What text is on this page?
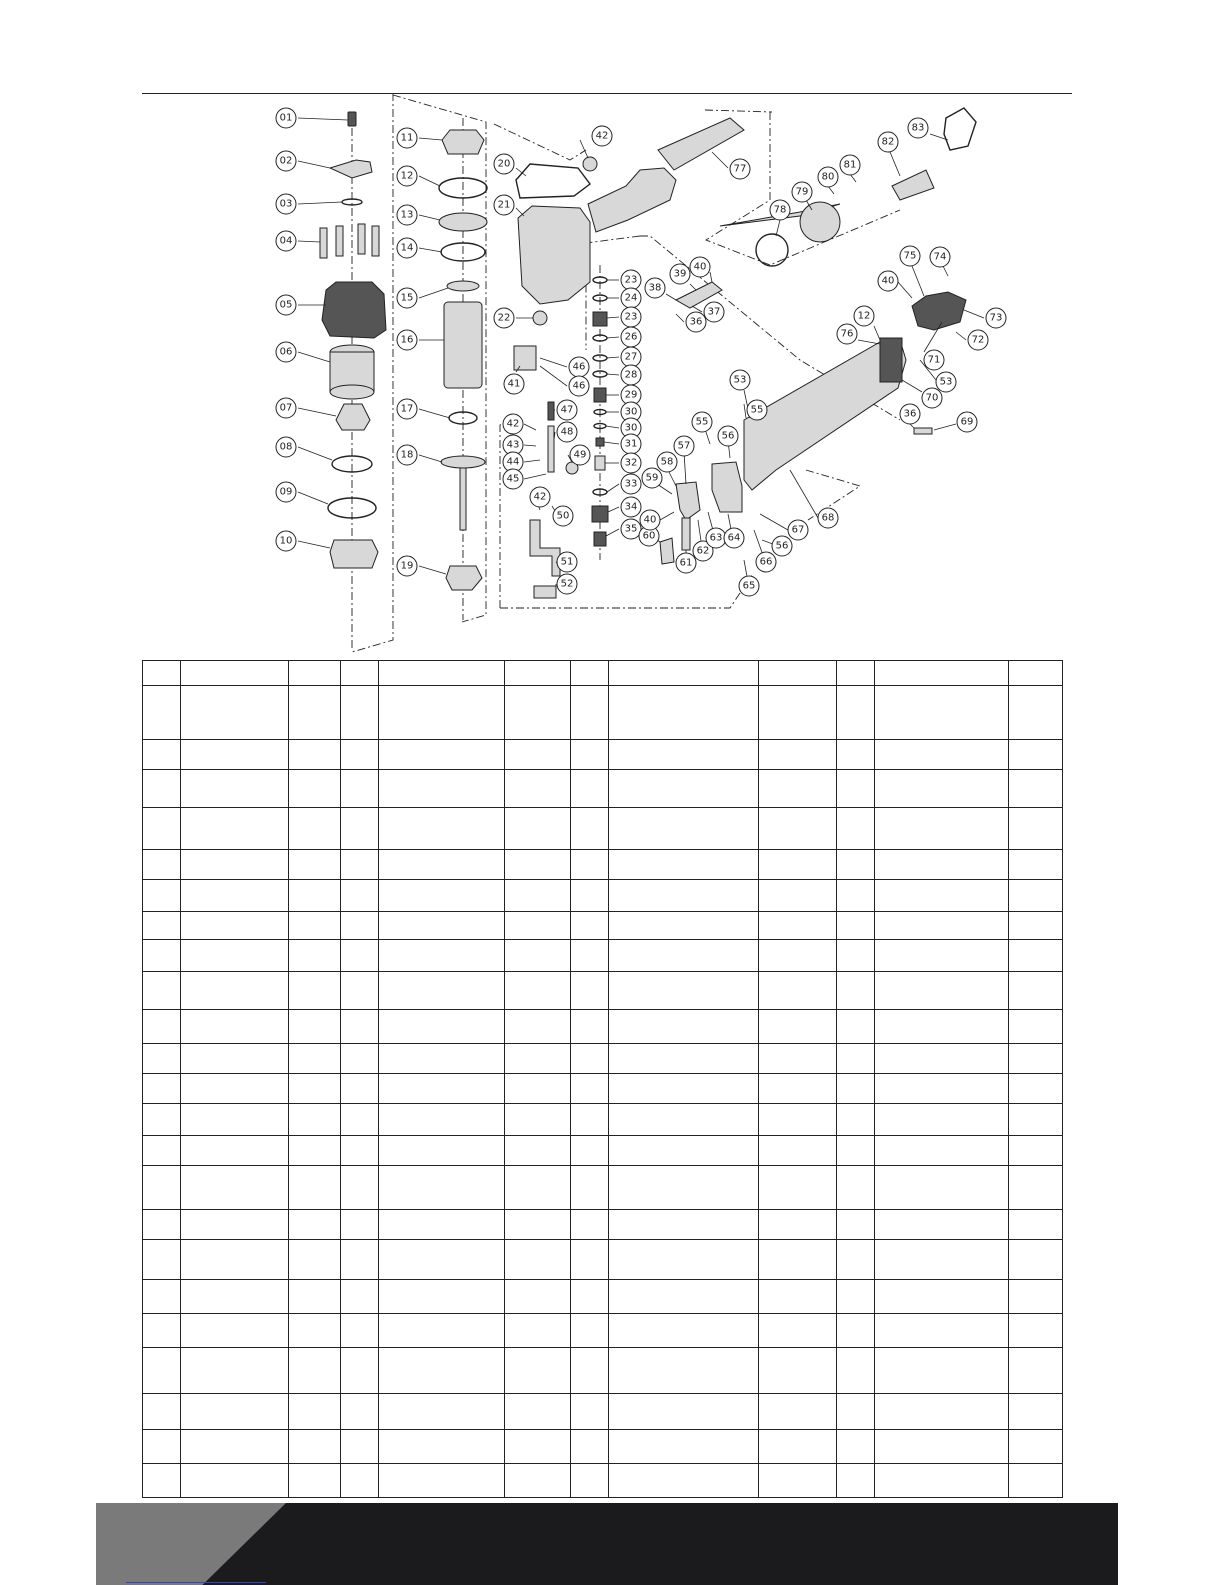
01
02
03
04
05
06
07
08
09
10
11
12
13
14
15
16
17
18
19
20
21
22
23
24
23
26
27
28
29
30
30
31
32
33
34
35
36
37
38
39
40
41
42
42
43
44
45
46
46
47
48
49
50
51
52
53	53
55
56
57
58
59
60
61
62
63 64
65
66
67
68
69
70
71
72
73
74
75
76
77
78
79
80
81
82
83
40
42
12
36
40
55
56
